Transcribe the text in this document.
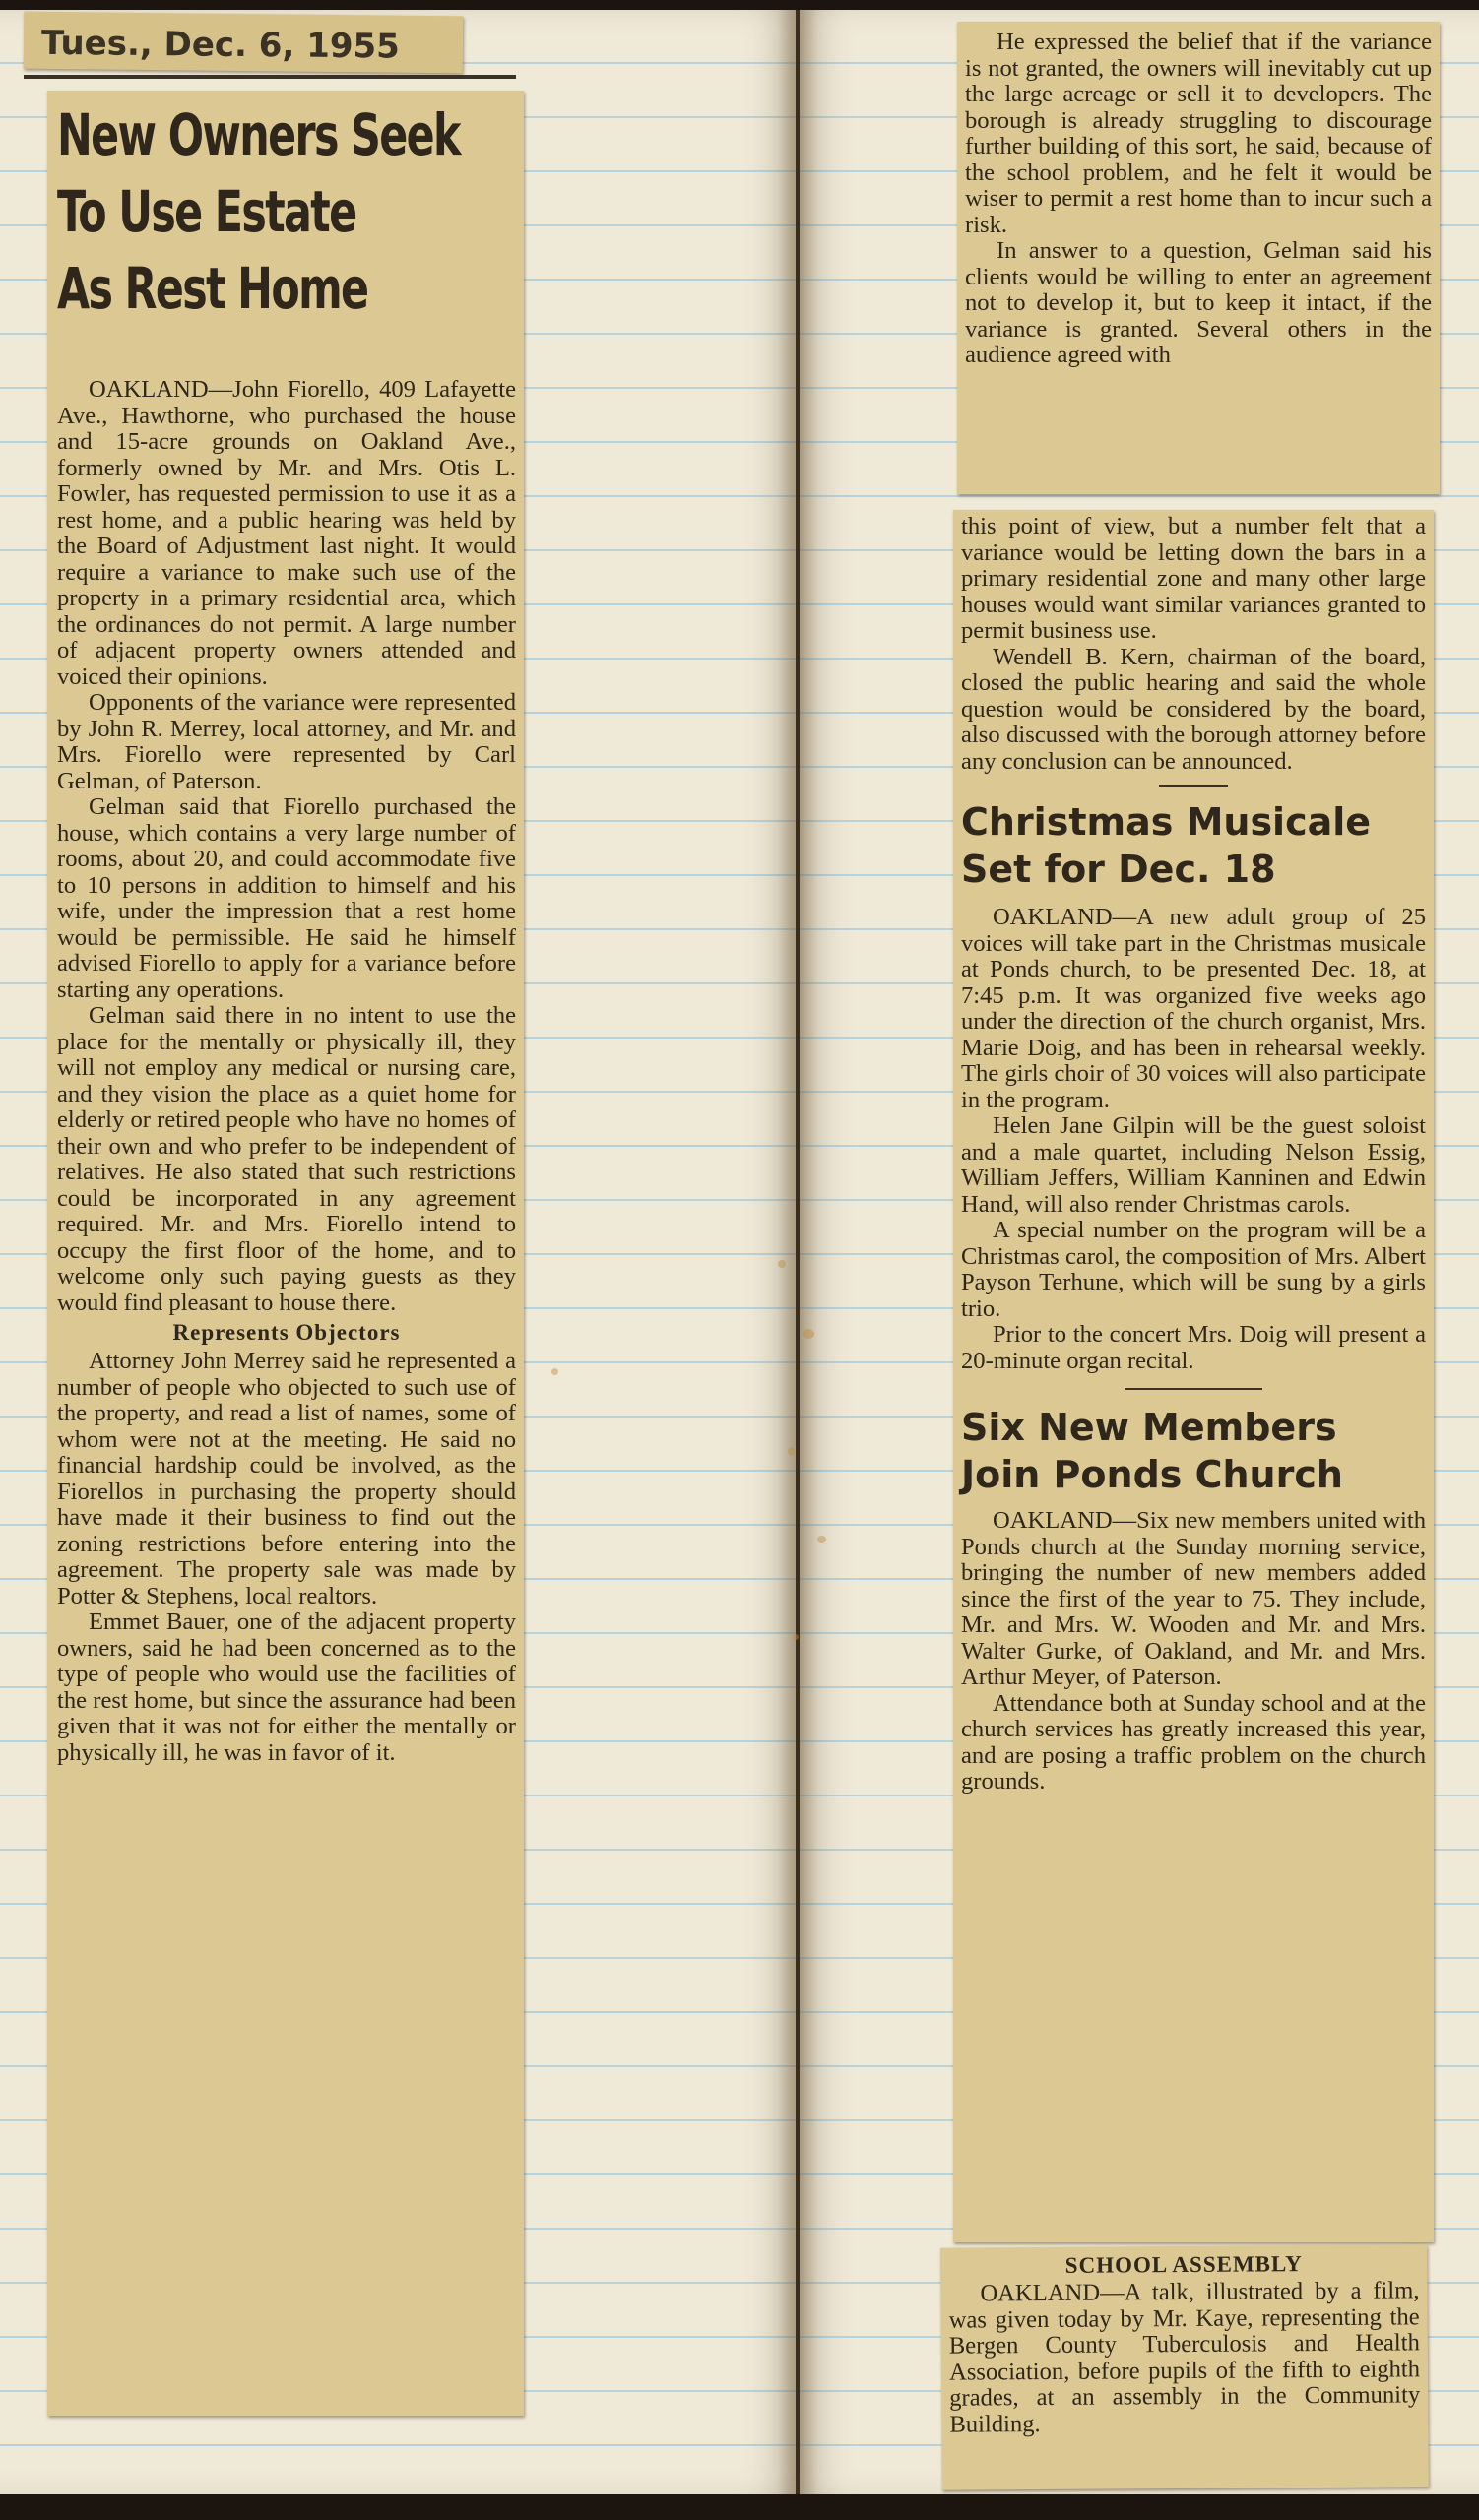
Tues., Dec. 6, 1955
New Owners Seek
To Use Estate
As Rest Home

OAKLAND—John Fiorello, 409 Lafayette Ave., Hawthorne, who purchased the house and 15-acre grounds on Oakland Ave., formerly owned by Mr. and Mrs. Otis L. Fowler, has requested permission to use it as a rest home, and a public hearing was held by the Board of Adjustment last night. It would require a variance to make such use of the property in a primary residential area, which the ordinances do not permit. A large number of adjacent property owners attended and voiced their opinions.

Opponents of the variance were represented by John R. Merrey, local attorney, and Mr. and Mrs. Fiorello were represented by Carl Gelman, of Paterson.

Gelman said that Fiorello purchased the house, which contains a very large number of rooms, about 20, and could accommodate five to 10 persons in addition to himself and his wife, under the impression that a rest home would be permissible. He said he himself advised Fiorello to apply for a variance before starting any operations.

Gelman said there in no intent to use the place for the mentally or physically ill, they will not employ any medical or nursing care, and they vision the place as a quiet home for elderly or retired people who have no homes of their own and who prefer to be independent of relatives. He also stated that such restrictions could be incorporated in any agreement required. Mr. and Mrs. Fiorello intend to occupy the first floor of the home, and to welcome only such paying guests as they would find pleasant to house there.

Represents Objectors

Attorney John Merrey said he represented a number of people who objected to such use of the property, and read a list of names, some of whom were not at the meeting. He said no financial hardship could be involved, as the Fiorellos in purchasing the property should have made it their business to find out the zoning restrictions before entering into the agreement. The property sale was made by Potter & Stephens, local realtors.

Emmet Bauer, one of the adjacent property owners, said he had been concerned as to the type of people who would use the facilities of the rest home, but since the assurance had been given that it was not for either the mentally or physically ill, he was in favor of it.

He expressed the belief that if the variance is not granted, the owners will inevitably cut up the large acreage or sell it to developers. The borough is already struggling to discourage further building of this sort, he said, because of the school problem, and he felt it would be wiser to permit a rest home than to incur such a risk.

In answer to a question, Gelman said his clients would be willing to enter an agreement not to develop it, but to keep it intact, if the variance is granted. Several others in the audience agreed with

this point of view, but a number felt that a variance would be letting down the bars in a primary residential zone and many other large houses would want similar variances granted to permit business use.

Wendell B. Kern, chairman of the board, closed the public hearing and said the whole question would be considered by the board, also discussed with the borough attorney before any conclusion can be announced.

Christmas Musicale
Set for Dec. 18

OAKLAND—A new adult group of 25 voices will take part in the Christmas musicale at Ponds church, to be presented Dec. 18, at 7:45 p.m. It was organized five weeks ago under the direction of the church organist, Mrs. Marie Doig, and has been in rehearsal weekly. The girls choir of 30 voices will also participate in the program.

Helen Jane Gilpin will be the guest soloist and a male quartet, including Nelson Essig, William Jeffers, William Kanninen and Edwin Hand, will also render Christmas carols.

A special number on the program will be a Christmas carol, the composition of Mrs. Albert Payson Terhune, which will be sung by a girls trio.

Prior to the concert Mrs. Doig will present a 20-minute organ recital.

Six New Members
Join Ponds Church

OAKLAND—Six new members united with Ponds church at the Sunday morning service, bringing the number of new members added since the first of the year to 75. They include, Mr. and Mrs. W. Wooden and Mr. and Mrs. Walter Gurke, of Oakland, and Mr. and Mrs. Arthur Meyer, of Paterson.

Attendance both at Sunday school and at the church services has greatly increased this year, and are posing a traffic problem on the church grounds.

SCHOOL ASSEMBLY

OAKLAND—A talk, illustrated by a film, was given today by Mr. Kaye, representing the Bergen County Tuberculosis and Health Association, before pupils of the fifth to eighth grades, at an assembly in the Community Building.
